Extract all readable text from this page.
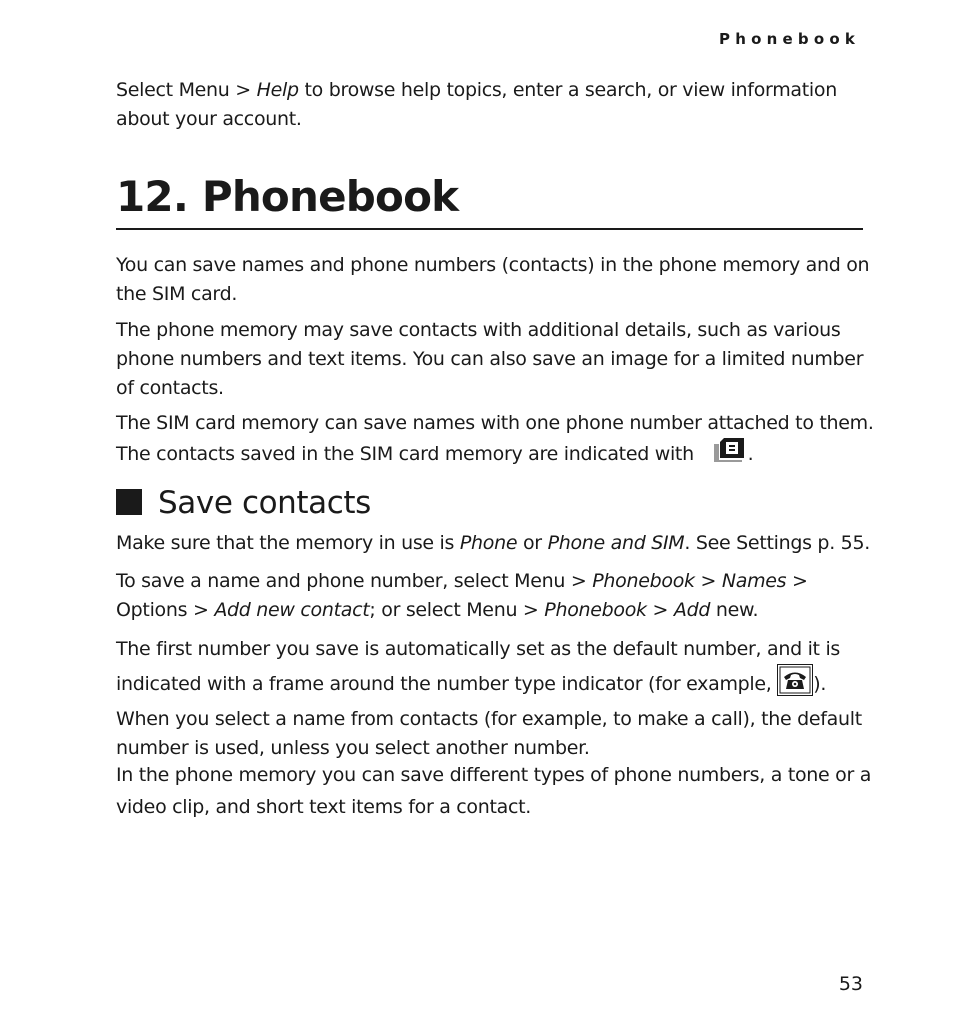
Phonebook

Select Menu > Help to browse help topics, enter a search, or view information about your account.

12. Phonebook

You can save names and phone numbers (contacts) in the phone memory and on the SIM card.

The phone memory may save contacts with additional details, such as various phone numbers and text items. You can also save an image for a limited number of contacts.

The SIM card memory can save names with one phone number attached to them. The contacts saved in the SIM card memory are indicated with	.

Save contacts

Make sure that the memory in use is Phone or Phone and SIM. See Settings p. 55.

To save a name and phone number, select Menu > Phonebook > Names > Options > Add new contact; or select Menu > Phonebook > Add new.

The first number you save is automatically set as the default number, and it is indicated with a frame around the number type indicator (for example, ). When you select a name from contacts (for example, to make a call), the default number is used, unless you select another number.

In the phone memory you can save different types of phone numbers, a tone or a video clip, and short text items for a contact.

53
